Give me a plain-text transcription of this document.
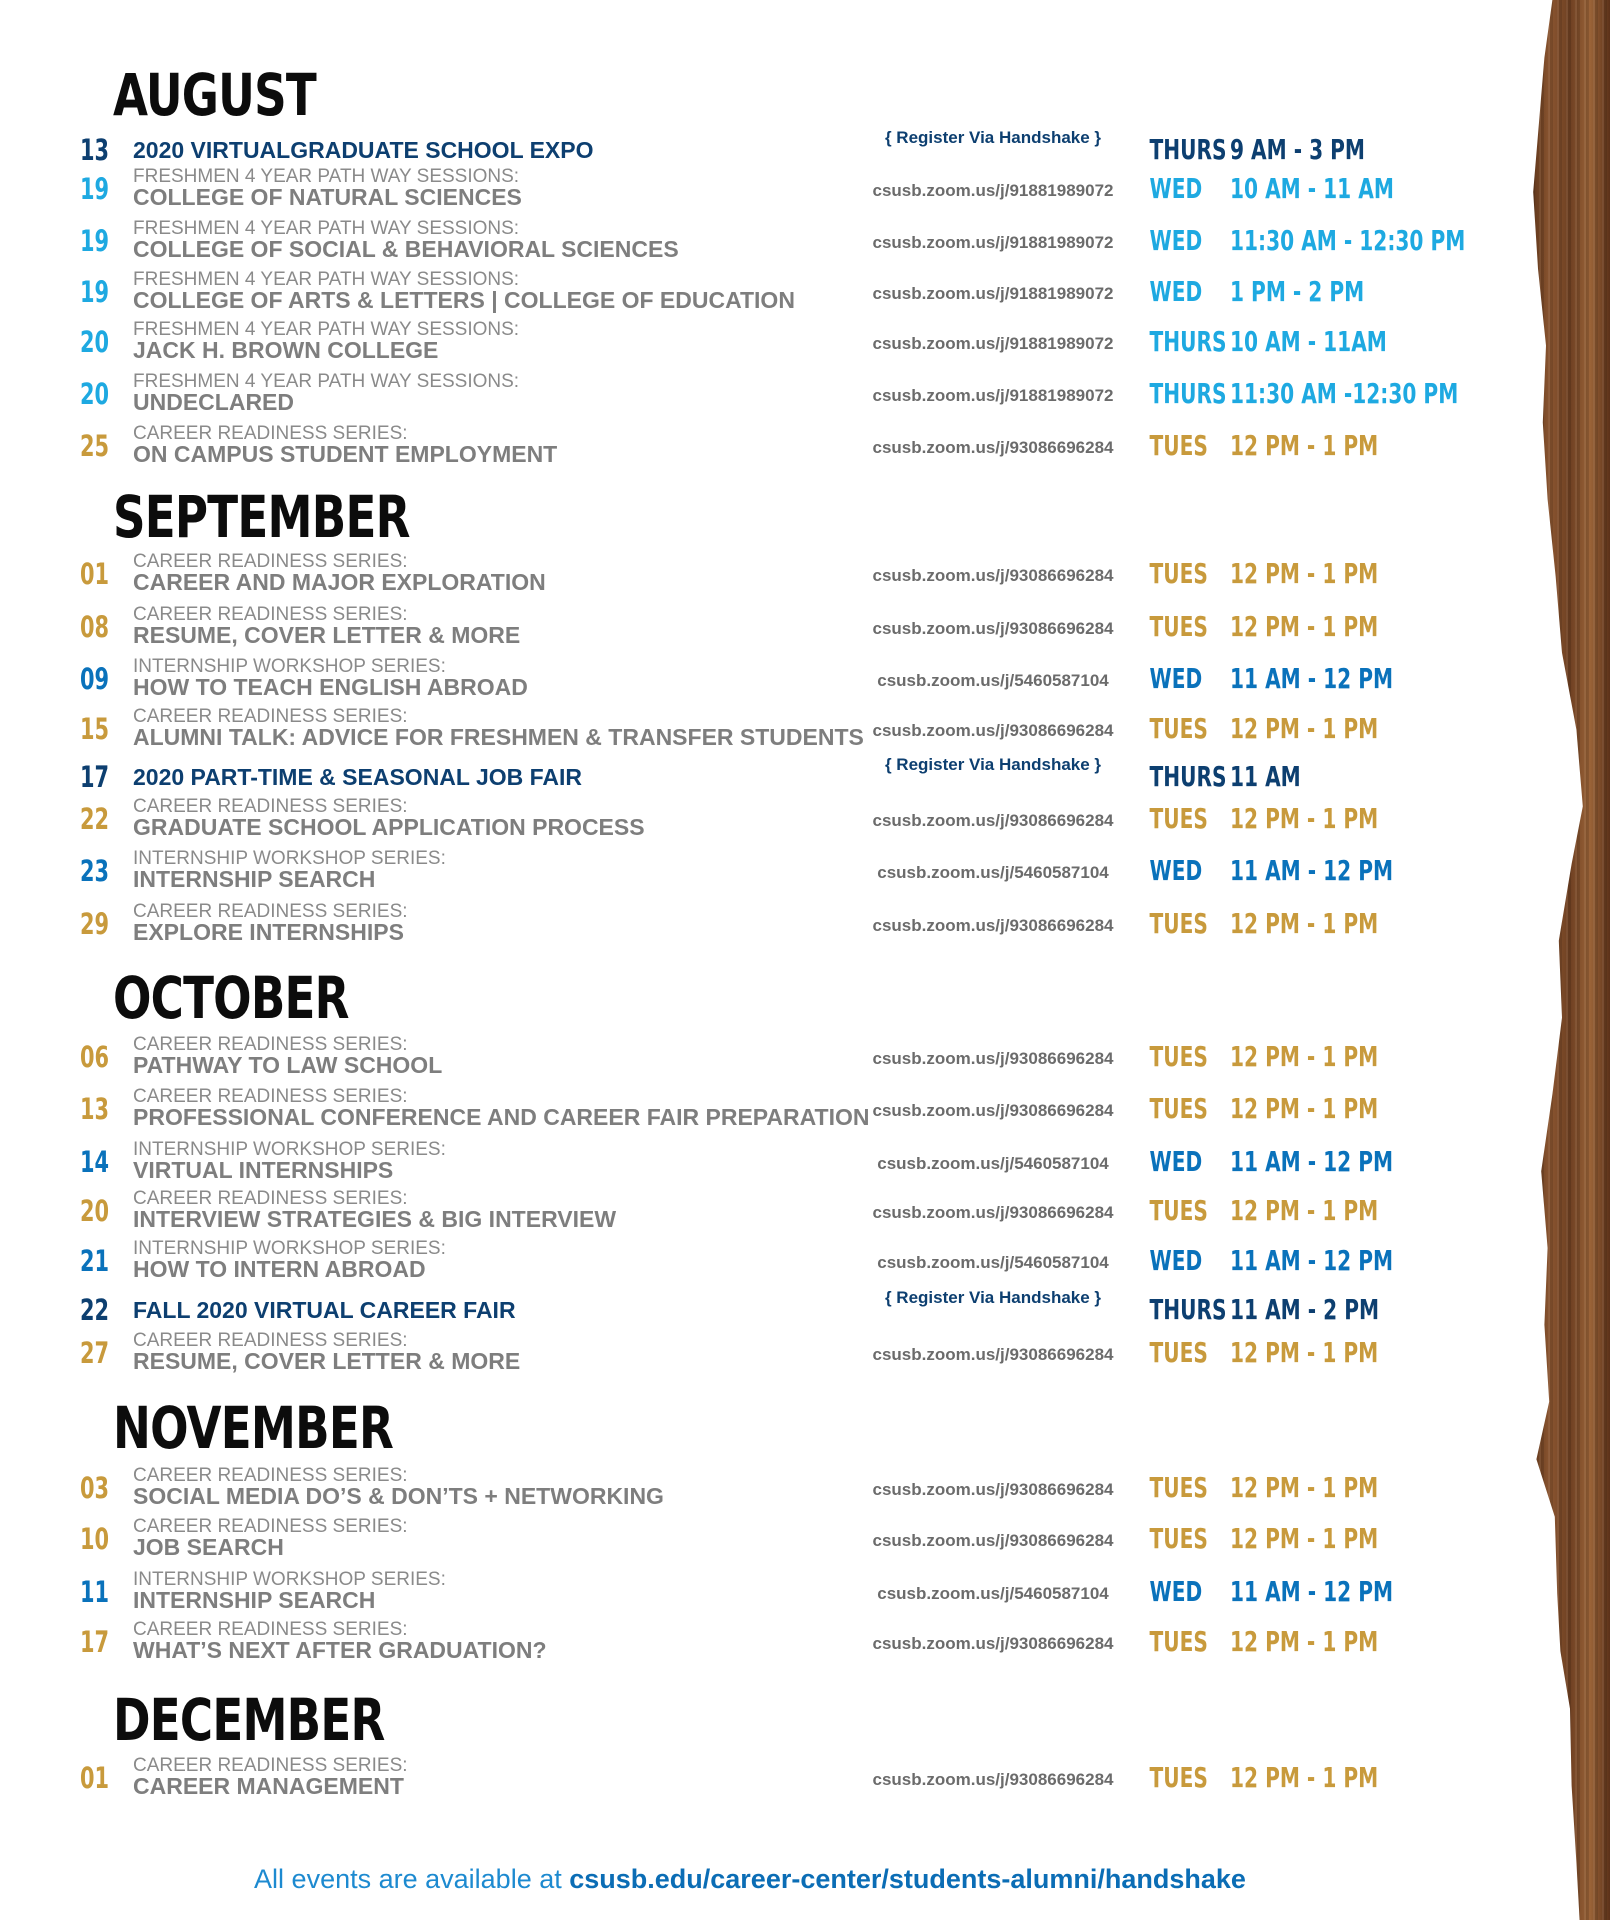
AUGUST
13	2020 VIRTUALGRADUATE SCHOOL EXPO	{ Register Via Handshake }	THURS 9 AM - 3 PM
19	FRESHMEN 4 YEAR PATH WAY SESSIONS:
COLLEGE OF NATURAL SCIENCES	csusb.zoom.us/j/91881989072	WED 10 AM - 11 AM
19	FRESHMEN 4 YEAR PATH WAY SESSIONS:
COLLEGE OF SOCIAL & BEHAVIORAL SCIENCES	csusb.zoom.us/j/91881989072	WED 11:30 AM - 12:30 PM
19	FRESHMEN 4 YEAR PATH WAY SESSIONS:
COLLEGE OF ARTS & LETTERS | COLLEGE OF EDUCATION	csusb.zoom.us/j/91881989072	WED 1 PM - 2 PM
20	FRESHMEN 4 YEAR PATH WAY SESSIONS:
JACK H. BROWN COLLEGE	csusb.zoom.us/j/91881989072	THURS 10 AM - 11AM
20	FRESHMEN 4 YEAR PATH WAY SESSIONS:
UNDECLARED	csusb.zoom.us/j/91881989072	THURS 11:30 AM -12:30 PM
25	CAREER READINESS SERIES:
ON CAMPUS STUDENT EMPLOYMENT	csusb.zoom.us/j/93086696284	TUES 12 PM - 1 PM
SEPTEMBER
01	CAREER READINESS SERIES:
CAREER AND MAJOR EXPLORATION	csusb.zoom.us/j/93086696284	TUES 12 PM - 1 PM
08	CAREER READINESS SERIES:
RESUME, COVER LETTER & MORE	csusb.zoom.us/j/93086696284	TUES 12 PM - 1 PM
09	INTERNSHIP WORKSHOP SERIES:
HOW TO TEACH ENGLISH ABROAD	csusb.zoom.us/j/5460587104	WED 11 AM - 12 PM
15	CAREER READINESS SERIES:
ALUMNI TALK: ADVICE FOR FRESHMEN & TRANSFER STUDENTS csusb.zoom.us/j/93086696284	TUES 12 PM - 1 PM
17	2020 PART-TIME & SEASONAL JOB FAIR	{ Register Via Handshake }	THURS 11 AM
22	CAREER READINESS SERIES:
GRADUATE SCHOOL APPLICATION PROCESS	csusb.zoom.us/j/93086696284	TUES 12 PM - 1 PM
23	INTERNSHIP WORKSHOP SERIES:
INTERNSHIP SEARCH	csusb.zoom.us/j/5460587104	WED 11 AM - 12 PM
29	CAREER READINESS SERIES:
EXPLORE INTERNSHIPS	csusb.zoom.us/j/93086696284	TUES 12 PM - 1 PM
OCTOBER
06	CAREER READINESS SERIES:
PATHWAY TO LAW SCHOOL	csusb.zoom.us/j/93086696284	TUES 12 PM - 1 PM
13	CAREER READINESS SERIES:
PROFESSIONAL CONFERENCE AND CAREER FAIR PREPARATION csusb.zoom.us/j/93086696284	TUES 12 PM - 1 PM
14	INTERNSHIP WORKSHOP SERIES:
VIRTUAL INTERNSHIPS	csusb.zoom.us/j/5460587104	WED 11 AM - 12 PM
20	CAREER READINESS SERIES:
INTERVIEW STRATEGIES & BIG INTERVIEW	csusb.zoom.us/j/93086696284	TUES 12 PM - 1 PM
21	INTERNSHIP WORKSHOP SERIES:
HOW TO INTERN ABROAD	csusb.zoom.us/j/5460587104	WED 11 AM - 12 PM
22	FALL 2020 VIRTUAL CAREER FAIR	{ Register Via Handshake }	THURS 11 AM - 2 PM
27	CAREER READINESS SERIES:
RESUME, COVER LETTER & MORE	csusb.zoom.us/j/93086696284	TUES 12 PM - 1 PM
NOVEMBER
03	CAREER READINESS SERIES:
SOCIAL MEDIA DO’S & DON’TS + NETWORKING	csusb.zoom.us/j/93086696284	TUES 12 PM - 1 PM
10	CAREER READINESS SERIES:
JOB SEARCH	csusb.zoom.us/j/93086696284	TUES 12 PM - 1 PM
11	INTERNSHIP WORKSHOP SERIES:
INTERNSHIP SEARCH	csusb.zoom.us/j/5460587104	WED 11 AM - 12 PM
17	CAREER READINESS SERIES:
WHAT’S NEXT AFTER GRADUATION?	csusb.zoom.us/j/93086696284	TUES 12 PM - 1 PM
DECEMBER
01	CAREER READINESS SERIES:
CAREER MANAGEMENT	csusb.zoom.us/j/93086696284	TUES 12 PM - 1 PM
All events are available at csusb.edu/career-center/students-alumni/handshake
